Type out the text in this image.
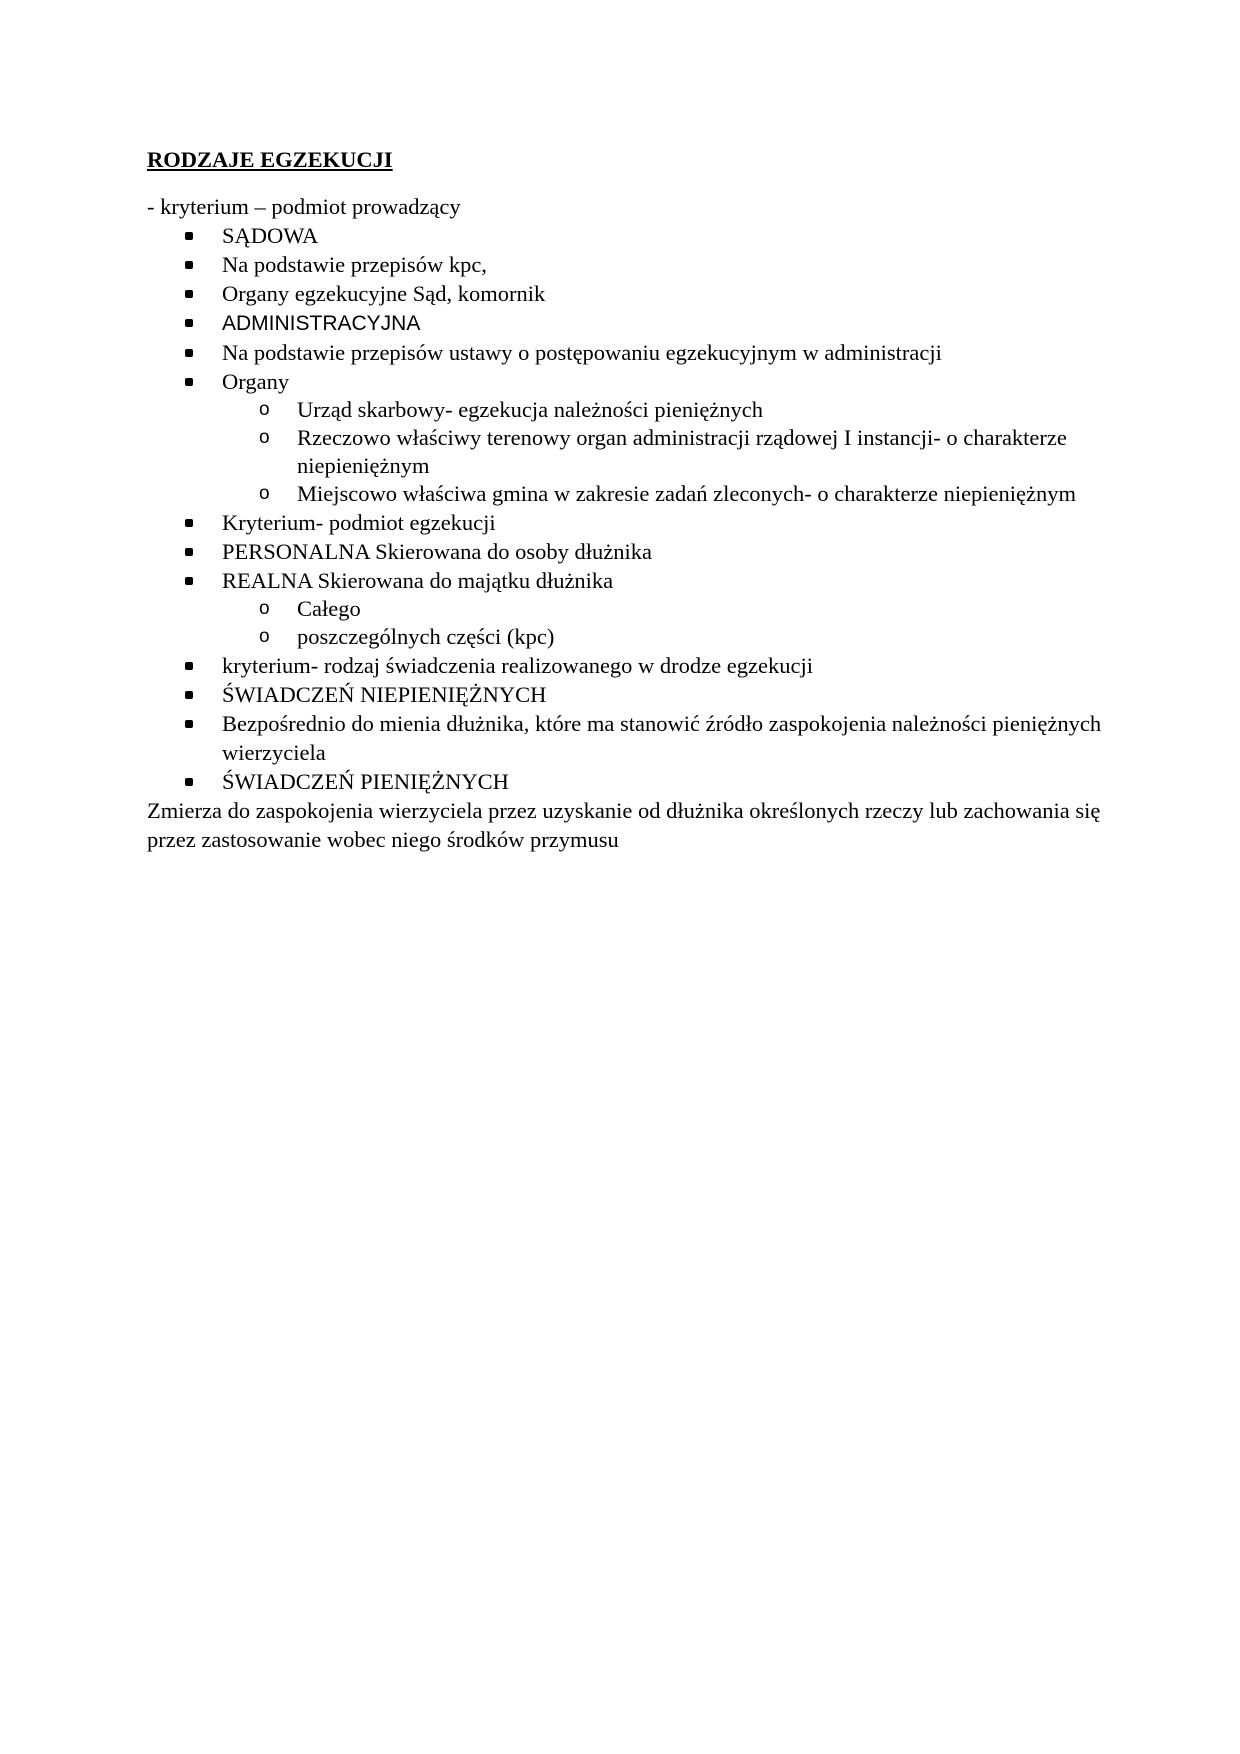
RODZAJE EGZEKUCJI

- kryterium – podmiot prowadzący

SĄDOWA
Na podstawie przepisów kpc,
Organy egzekucyjne Sąd, komornik
ADMINISTRACYJNA
Na podstawie przepisów ustawy o postępowaniu egzekucyjnym w administracji
Organy
o Urząd skarbowy- egzekucja należności pieniężnych
o Rzeczowo właściwy terenowy organ administracji rządowej I instancji- o charakterze niepieniężnym
o Miejscowo właściwa gmina w zakresie zadań zleconych- o charakterze niepieniężnym
Kryterium- podmiot egzekucji
PERSONALNA Skierowana do osoby dłużnika
REALNA Skierowana do majątku dłużnika
o Całego
o poszczególnych części (kpc)
kryterium- rodzaj świadczenia realizowanego w drodze egzekucji
ŚWIADCZEŃ NIEPIENIĘŻNYCH
Bezpośrednio do mienia dłużnika, które ma stanowić źródło zaspokojenia należności pieniężnych wierzyciela
ŚWIADCZEŃ PIENIĘŻNYCH

Zmierza do zaspokojenia wierzyciela przez uzyskanie od dłużnika określonych rzeczy lub zachowania się przez zastosowanie wobec niego środków przymusu
